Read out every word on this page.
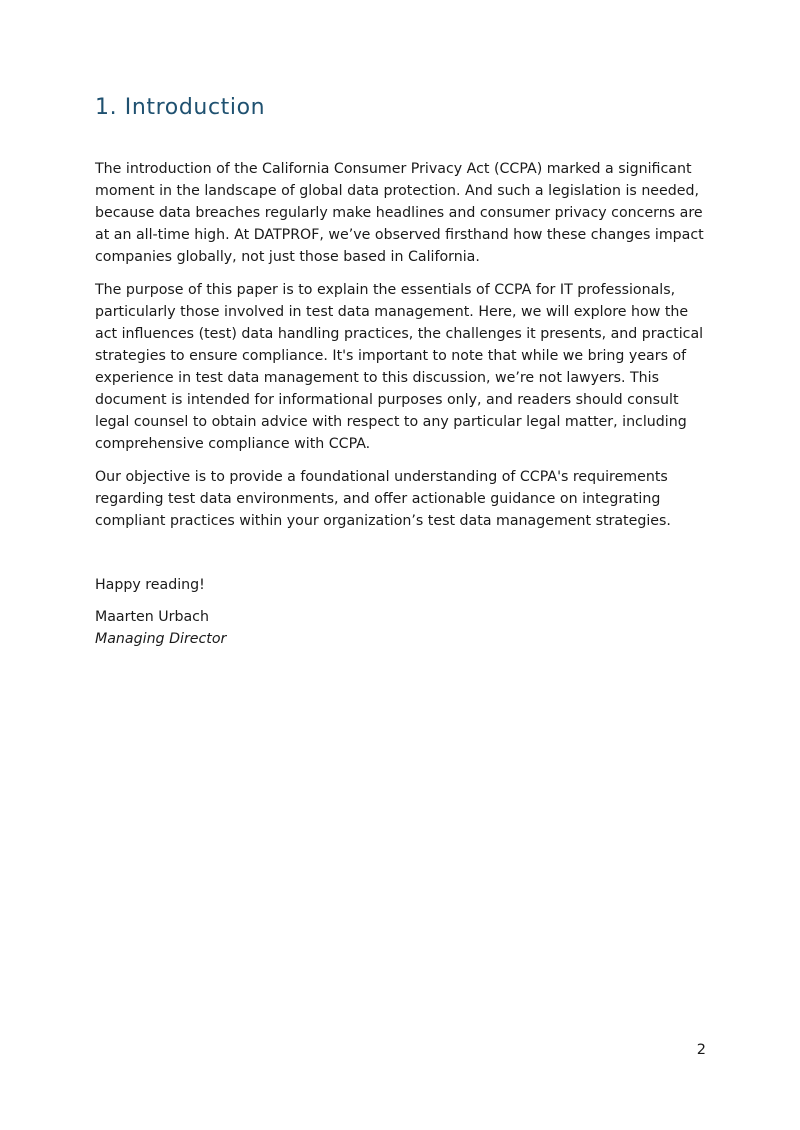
1. Introduction

The introduction of the California Consumer Privacy Act (CCPA) marked a significant moment in the landscape of global data protection. And such a legislation is needed, because data breaches regularly make headlines and consumer privacy concerns are at an all-time high. At DATPROF, we’ve observed firsthand how these changes impact companies globally, not just those based in California.

The purpose of this paper is to explain the essentials of CCPA for IT professionals, particularly those involved in test data management. Here, we will explore how the act influences (test) data handling practices, the challenges it presents, and practical strategies to ensure compliance. It's important to note that while we bring years of experience in test data management to this discussion, we’re not lawyers. This document is intended for informational purposes only, and readers should consult legal counsel to obtain advice with respect to any particular legal matter, including comprehensive compliance with CCPA.

Our objective is to provide a foundational understanding of CCPA's requirements regarding test data environments, and offer actionable guidance on integrating compliant practices within your organization’s test data management strategies.

Happy reading!

Maarten Urbach

Managing Director

2
